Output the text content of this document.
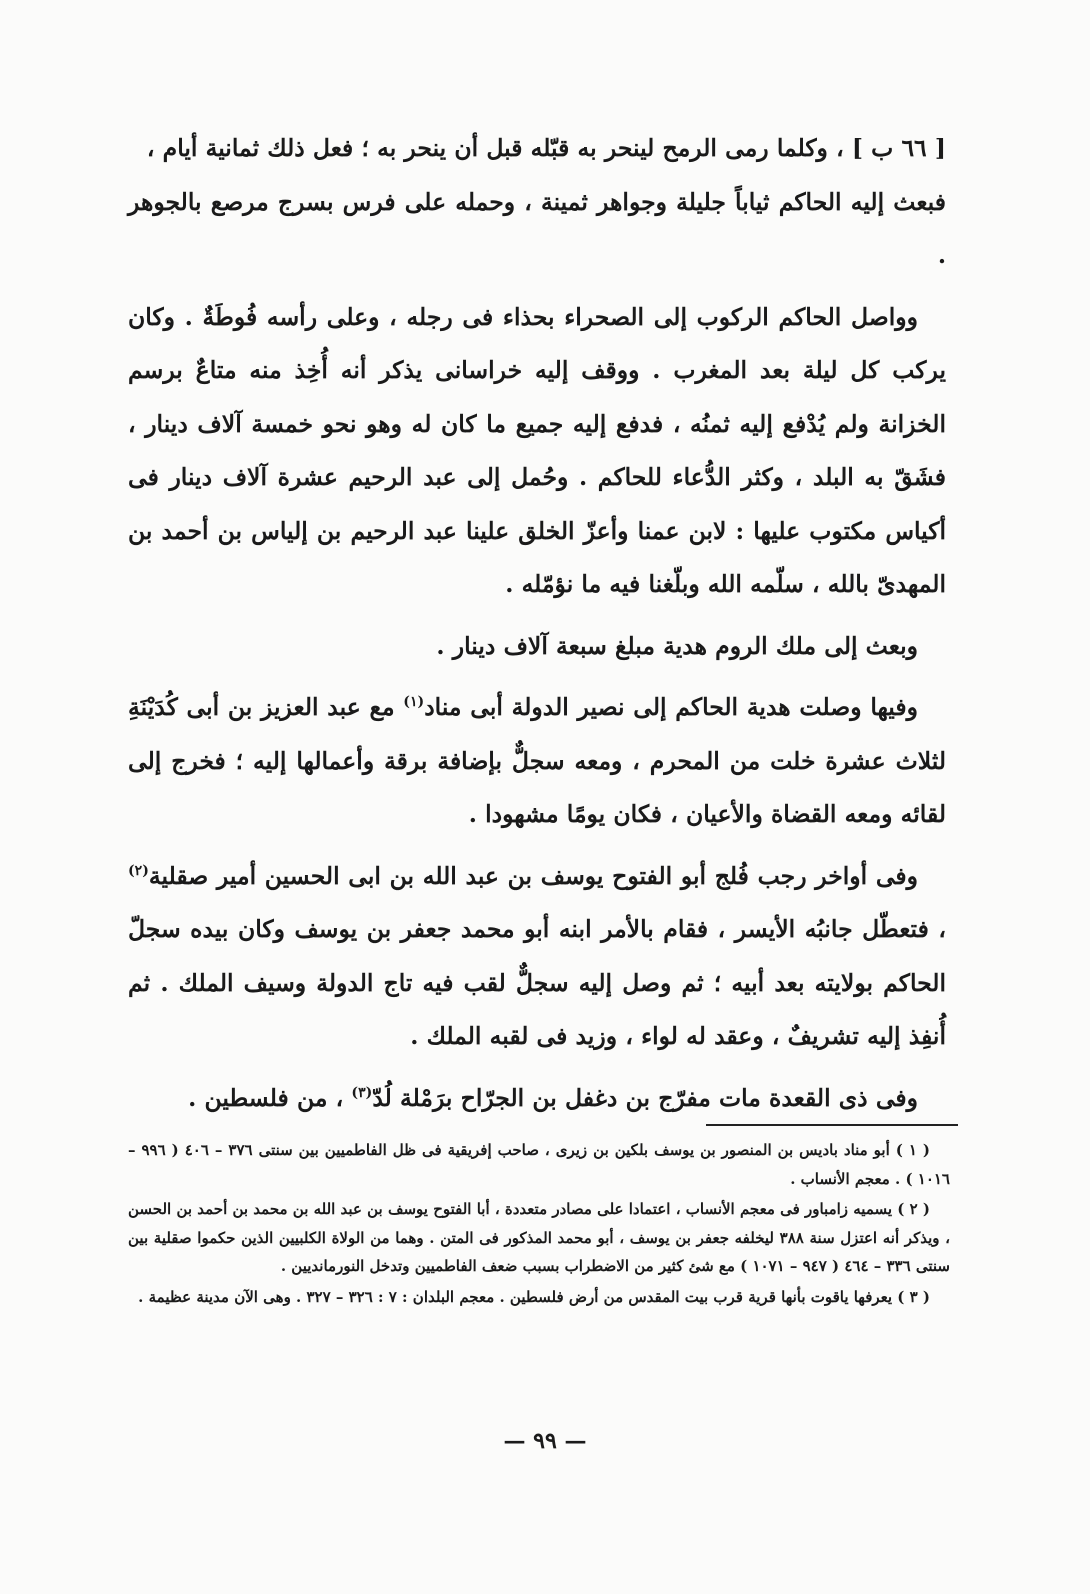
[ ٦٦ ب ] ، وكلما رمى الرمح لينحر به قبّله قبل أن ينحر به ؛ فعل ذلك ثمانية أيام ،

فبعث إليه الحاكم ثياباً جليلة وجواهر ثمينة ، وحمله على فرس بسرج مرصع بالجوهر .

وواصل الحاكم الركوب إلى الصحراء بحذاء فى رجله ، وعلى رأسه فُوطَةٌ . وكان يركب كل ليلة بعد المغرب . ووقف إليه خراسانى يذكر أنه أُخِذ منه متاعٌ برسم الخزانة ولم يُدْفع إليه ثمنُه ، فدفع إليه جميع ما كان له وهو نحو خمسة آلاف دينار ، فشَقّ به البلد ، وكثر الدُّعاء للحاكم . وحُمل إلى عبد الرحيم عشرة آلاف دينار فى أكياس مكتوب عليها : لابن عمنا وأعزّ الخلق علينا عبد الرحيم بن إلياس بن أحمد بن المهدىّ بالله ، سلّمه الله وبلّغنا فيه ما نؤمّله .

وبعث إلى ملك الروم هدية مبلغ سبعة آلاف دينار .

وفيها وصلت هدية الحاكم إلى نصير الدولة أبى مناد$^{(١)}$ مع عبد العزيز بن أبى كُدَيْنَةِ لثلاث عشرة خلت من المحرم ، ومعه سجلٌّ بإضافة برقة وأعمالها إليه ؛ فخرج إلى لقائه ومعه القضاة والأعيان ، فكان يومًا مشهودا .

وفى أواخر رجب فُلج أبو الفتوح يوسف بن عبد الله بن ابى الحسين أمير صقلية$^{(٢)}$ ، فتعطّل جانبُه الأيسر ، فقام بالأمر ابنه أبو محمد جعفر بن يوسف وكان بيده سجلّ الحاكم بولايته بعد أبيه ؛ ثم وصل إليه سجلٌّ لقب فيه تاج الدولة وسيف الملك . ثم أُنفِذ إليه تشريفٌ ، وعقد له لواء ، وزيد فى لقبه الملك .

وفى ذى القعدة مات مفرّج بن دغفل بن الجرّاح برَمْلة لُدّ$^{(٣)}$ ، من فلسطين .

( ١ ) أبو مناد باديس بن المنصور بن يوسف بلكين بن زيرى ، صاحب إفريقية فى ظل الفاطميين بين سنتى ٣٧٦ – ٤٠٦ ( ٩٩٦ – ١٠١٦ ) . معجم الأنساب .

( ٢ ) يسميه زامباور فى معجم الأنساب ، اعتمادا على مصادر متعددة ، أبا الفتوح يوسف بن عبد الله بن محمد بن أحمد بن الحسن ، ويذكر أنه اعتزل سنة ٣٨٨ ليخلفه جعفر بن يوسف ، أبو محمد المذكور فى المتن . وهما من الولاة الكلبيين الذين حكموا صقلية بين سنتى ٣٣٦ – ٤٦٤ ( ٩٤٧ – ١٠٧١ ) مع شئ كثير من الاضطراب بسبب ضعف الفاطميين وتدخل النورمانديين .

( ٣ ) يعرفها ياقوت بأنها قرية قرب بيت المقدس من أرض فلسطين . معجم البلدان : ٧ : ٣٢٦ – ٣٢٧ . وهى الآن مدينة عظيمة .

— ٩٩ —
